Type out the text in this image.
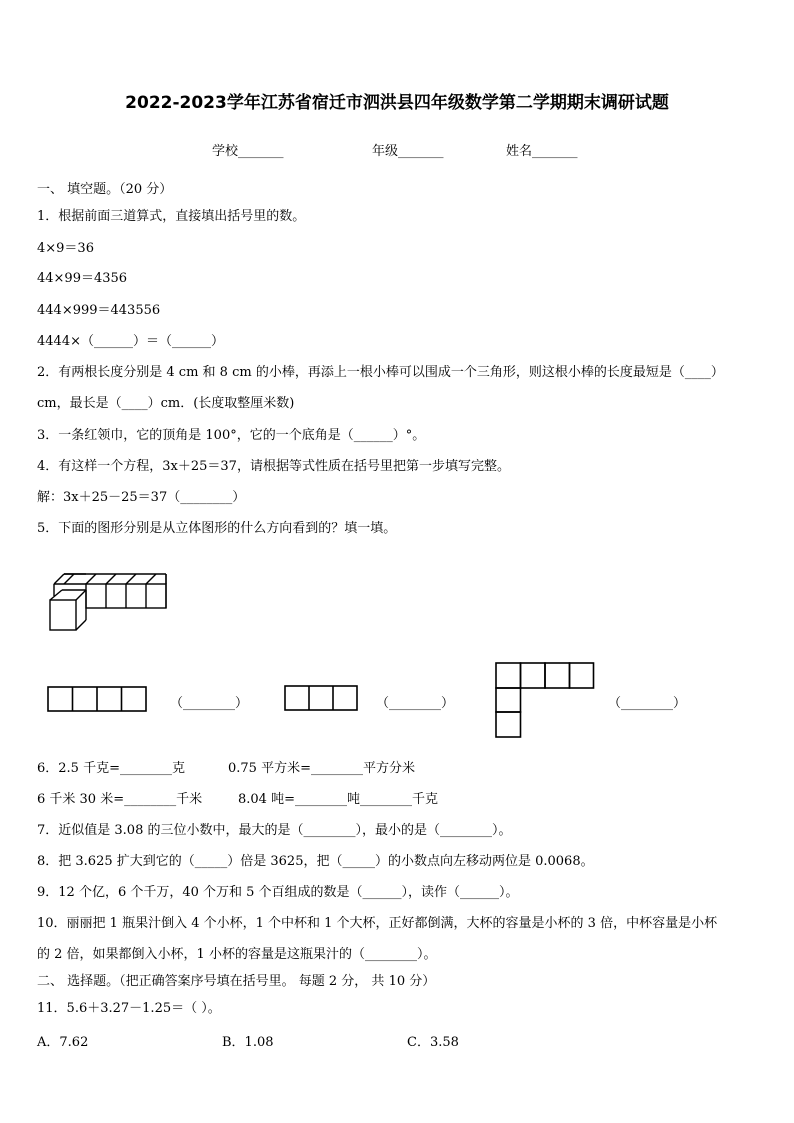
2022-2023学年江苏省宿迁市泗洪县四年级数学第二学期期末调研试题
学校_______	年级_______	姓名_______
一、 填空题。（20 分）
1．根据前面三道算式，直接填出括号里的数。
4×9＝36
44×99＝4356
444×999＝443556
4444×（______）＝（______）
2．有两根长度分别是 4 cm 和 8 cm 的小棒，再添上一根小棒可以围成一个三角形，则这根小棒的长度最短是（____）
cm，最长是（____）cm．(长度取整厘米数)
3．一条红领巾，它的顶角是 100°，它的一个底角是（______）°。
4．有这样一个方程，3x＋25＝37，请根据等式性质在括号里把第一步填写完整。
解：3x＋25－25＝37（________）
5．下面的图形分别是从立体图形的什么方向看到的？填一填。
（________）	（________）	（________）
6．2.5 千克=________克	0.75 平方米=________平方分米
6 千米 30 米=________千米	8.04 吨=________吨________千克
7．近似值是 3.08 的三位小数中，最大的是（________），最小的是（________）。
8．把 3.625 扩大到它的（_____）倍是 3625，把（_____）的小数点向左移动两位是 0.0068。
9．12 个亿，6 个千万，40 个万和 5 个百组成的数是（______），读作（______）。
10．丽丽把 1 瓶果汁倒入 4 个小杯，1 个中杯和 1 个大杯，正好都倒满，大杯的容量是小杯的 3 倍，中杯容量是小杯
的 2 倍，如果都倒入小杯，1 小杯的容量是这瓶果汁的（________）。
二、 选择题。（把正确答案序号填在括号里。 每题 2 分， 共 10 分）
11．5.6＋3.27－1.25＝（ ）。
A．7.62	B．1.08	C．3.58
